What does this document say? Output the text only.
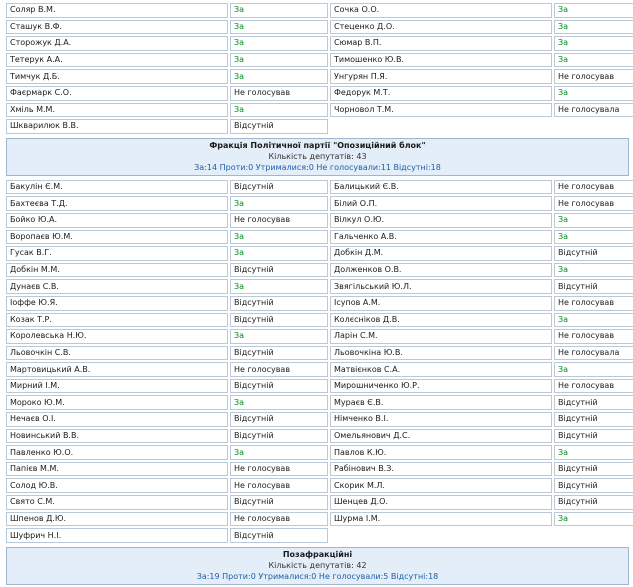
Соляр В.М.	За	Сочка О.О.	За
Сташук В.Ф.	За	Стеценко Д.О.	За
Сторожук Д.А.	За	Сюмар В.П.	За
Тетерук А.А.	За	Тимошенко Ю.В.	За
Тимчук Д.Б.	За	Унгурян П.Я.	Не голосував
Фаєрмарк С.О.	Не голосував	Федорук М.Т.	За
Хміль М.М.	За	Чорновол Т.М.	Не голосувала
Шкварилюк В.В.	Відсутній		
Фракція Політичної партії "Опозиційний блок"
Кількість депутатів: 43
За:14 Проти:0 Утрималися:0 Не голосували:11 Відсутні:18
Бакулін Є.М.	Відсутній	Балицький Є.В.	Не голосував
Бахтеєва Т.Д.	За	Білий О.П.	Не голосував
Бойко Ю.А.	Не голосував	Вілкул О.Ю.	За
Воропаєв Ю.М.	За	Гальченко А.В.	За
Гусак В.Г.	За	Добкін Д.М.	Відсутній
Добкін М.М.	Відсутній	Долженков О.В.	За
Дунаєв С.В.	За	Звягільський Ю.Л.	Відсутній
Іоффе Ю.Я.	Відсутній	Ісупов А.М.	Не голосував
Козак Т.Р.	Відсутній	Колєсніков Д.В.	За
Королевська Н.Ю.	За	Ларін С.М.	Не голосував
Льовочкін С.В.	Відсутній	Льовочкіна Ю.В.	Не голосувала
Мартовицький А.В.	Не голосував	Матвієнков С.А.	За
Мирний І.М.	Відсутній	Мирошниченко Ю.Р.	Не голосував
Мороко Ю.М.	За	Мураєв Є.В.	Відсутній
Нечаєв О.І.	Відсутній	Німченко В.І.	Відсутній
Новинський В.В.	Відсутній	Омельянович Д.С.	Відсутній
Павленко Ю.О.	За	Павлов К.Ю.	За
Папієв М.М.	Не голосував	Рабінович В.З.	Відсутній
Солод Ю.В.	Не голосував	Скорик М.Л.	Відсутній
Свято С.М.	Відсутній	Шенцев Д.О.	Відсутній
Шпенов Д.Ю.	Не голосував	Шурма І.М.	За
Шуфрич Н.І.	Відсутній		
Позафракційні
Кількість депутатів: 42
За:19 Проти:0 Утрималися:0 Не голосували:5 Відсутні:18
